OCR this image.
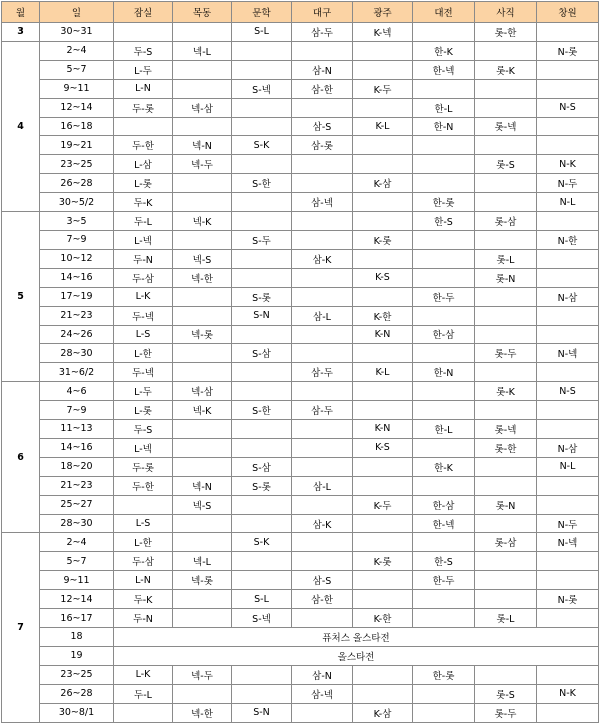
월	일	잠실	목동	문학	대구	광주	대전	사직	창원
3	30~31			S-L	삼-두	K-넥		롯-한	
4	2~4	두-S	넥-L				한-K		N-롯
	5~7	L-두			삼-N		한-넥	롯-K	
	9~11	L-N		S-넥	삼-한	K-두			
	12~14	두-롯	넥-삼				한-L		N-S
	16~18				삼-S	K-L	한-N	롯-넥	
	19~21	두-한	넥-N	S-K	삼-롯				
	23~25	L-삼	넥-두					롯-S	N-K
	26~28	L-롯		S-한		K-삼			N-두
	30~5/2	두-K			삼-넥		한-롯		N-L
5	3~5	두-L	넥-K				한-S	롯-삼	
	7~9	L-넥		S-두		K-롯			N-한
	10~12	두-N	넥-S		삼-K			롯-L	
	14~16	두-삼	넥-한			K-S		롯-N	
	17~19	L-K		S-롯			한-두		N-삼
	21~23	두-넥		S-N	삼-L	K-한			
	24~26	L-S	넥-롯			K-N	한-삼		
	28~30	L-한		S-삼				롯-두	N-넥
	31~6/2	두-넥			삼-두	K-L	한-N		
6	4~6	L-두	넥-삼					롯-K	N-S
	7~9	L-롯	넥-K	S-한	삼-두				
	11~13	두-S				K-N	한-L	롯-넥	
	14~16	L-넥				K-S		롯-한	N-삼
	18~20	두-롯		S-삼			한-K		N-L
	21~23	두-한	넥-N	S-롯	삼-L				
	25~27		넥-S			K-두	한-삼	롯-N	
	28~30	L-S			삼-K		한-넥		N-두
7	2~4	L-한		S-K				롯-삼	N-넥
	5~7	두-삼	넥-L			K-롯	한-S		
	9~11	L-N	넥-롯		삼-S		한-두		
	12~14	두-K		S-L	삼-한				N-롯
	16~17	두-N		S-넥		K-한		롯-L	
	18	퓨처스 올스타전							
	19	올스타전							
	23~25	L-K	넥-두		삼-N		한-롯		
	26~28	두-L			삼-넥			롯-S	N-K
	30~8/1		넥-한	S-N		K-삼		롯-두	
